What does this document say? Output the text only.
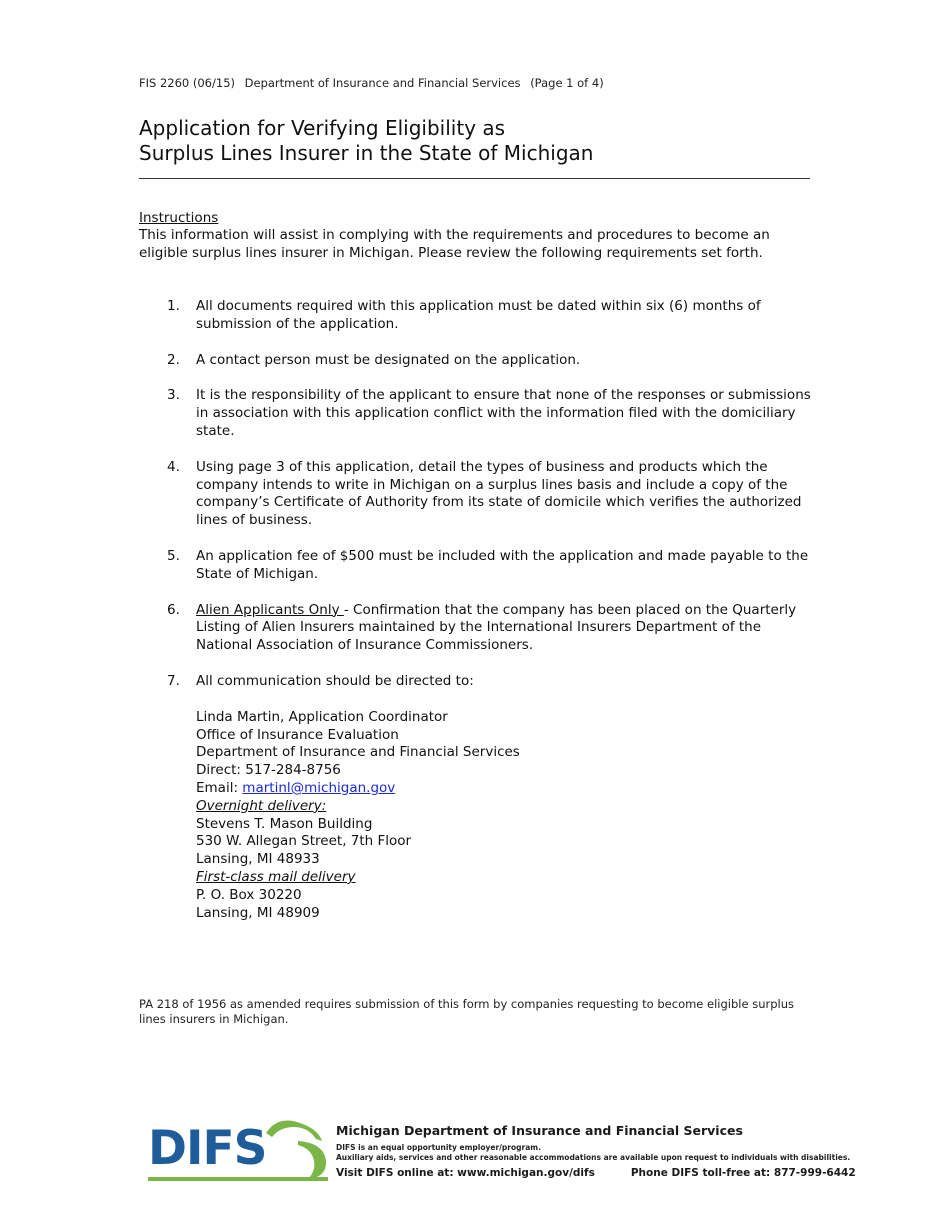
FIS 2260 (06/15) Department of Insurance and Financial Services (Page 1 of 4)
Application for Verifying Eligibility as
Surplus Lines Insurer in the State of Michigan
Instructions
This information will assist in complying with the requirements and procedures to become an eligible surplus lines insurer in Michigan. Please review the following requirements set forth.
1. All documents required with this application must be dated within six (6) months of submission of the application.
2. A contact person must be designated on the application.
3. It is the responsibility of the applicant to ensure that none of the responses or submissions in association with this application conflict with the information filed with the domiciliary state.
4. Using page 3 of this application, detail the types of business and products which the company intends to write in Michigan on a surplus lines basis and include a copy of the company’s Certificate of Authority from its state of domicile which verifies the authorized lines of business.
5. An application fee of $500 must be included with the application and made payable to the State of Michigan.
6. Alien Applicants Only - Confirmation that the company has been placed on the Quarterly Listing of Alien Insurers maintained by the International Insurers Department of the National Association of Insurance Commissioners.
7. All communication should be directed to:
Linda Martin, Application Coordinator
Office of Insurance Evaluation
Department of Insurance and Financial Services
Direct: 517-284-8756
Email: martinl@michigan.gov
Overnight delivery:
Stevens T. Mason Building
530 W. Allegan Street, 7th Floor
Lansing, MI 48933
First-class mail delivery
P. O. Box 30220
Lansing, MI 48909
PA 218 of 1956 as amended requires submission of this form by companies requesting to become eligible surplus lines insurers in Michigan.
DIFS	Michigan Department of Insurance and Financial Services
DIFS is an equal opportunity employer/program.
Auxiliary aids, services and other reasonable accommodations are available upon request to individuals with disabilities.
Visit DIFS online at: www.michigan.gov/difs	Phone DIFS toll-free at: 877-999-6442
